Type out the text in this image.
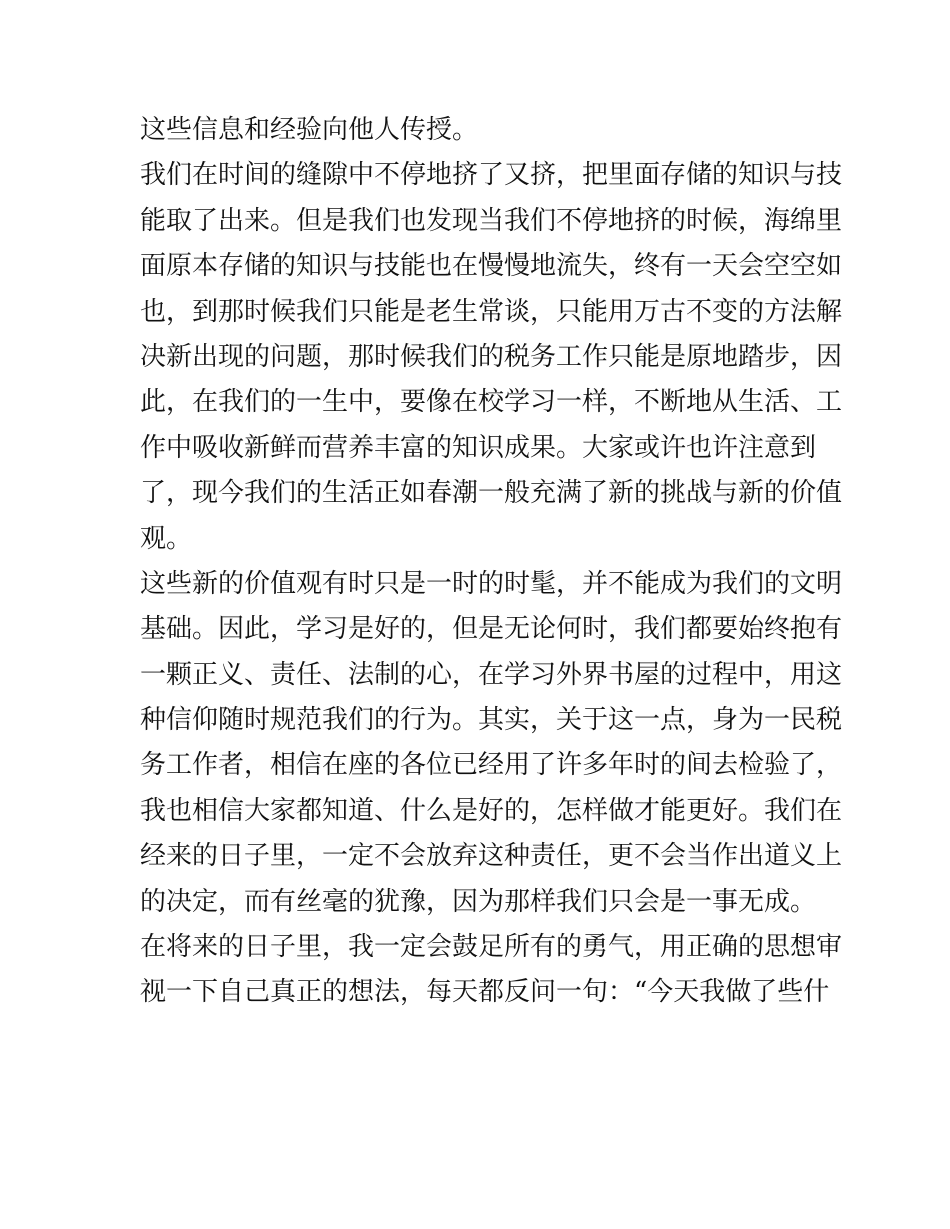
这些信息和经验向他人传授。
我们在时间的缝隙中不停地挤了又挤，把里面存储的知识与技
能取了出来。但是我们也发现当我们不停地挤的时候，海绵里
面原本存储的知识与技能也在慢慢地流失，终有一天会空空如
也，到那时候我们只能是老生常谈，只能用万古不变的方法解
决新出现的问题，那时候我们的税务工作只能是原地踏步，因
此，在我们的一生中，要像在校学习一样，不断地从生活、工
作中吸收新鲜而营养丰富的知识成果。大家或许也许注意到
了，现今我们的生活正如春潮一般充满了新的挑战与新的价值
观。
这些新的价值观有时只是一时的时髦，并不能成为我们的文明
基础。因此，学习是好的，但是无论何时，我们都要始终抱有
一颗正义、责任、法制的心，在学习外界书屋的过程中，用这
种信仰随时规范我们的行为。其实，关于这一点，身为一民税
务工作者，相信在座的各位已经用了许多年时的间去检验了，
我也相信大家都知道、什么是好的，怎样做才能更好。我们在
经来的日子里，一定不会放弃这种责任，更不会当作出道义上
的决定，而有丝毫的犹豫，因为那样我们只会是一事无成。
在将来的日子里，我一定会鼓足所有的勇气，用正确的思想审
视一下自己真正的想法，每天都反问一句：“今天我做了些什
